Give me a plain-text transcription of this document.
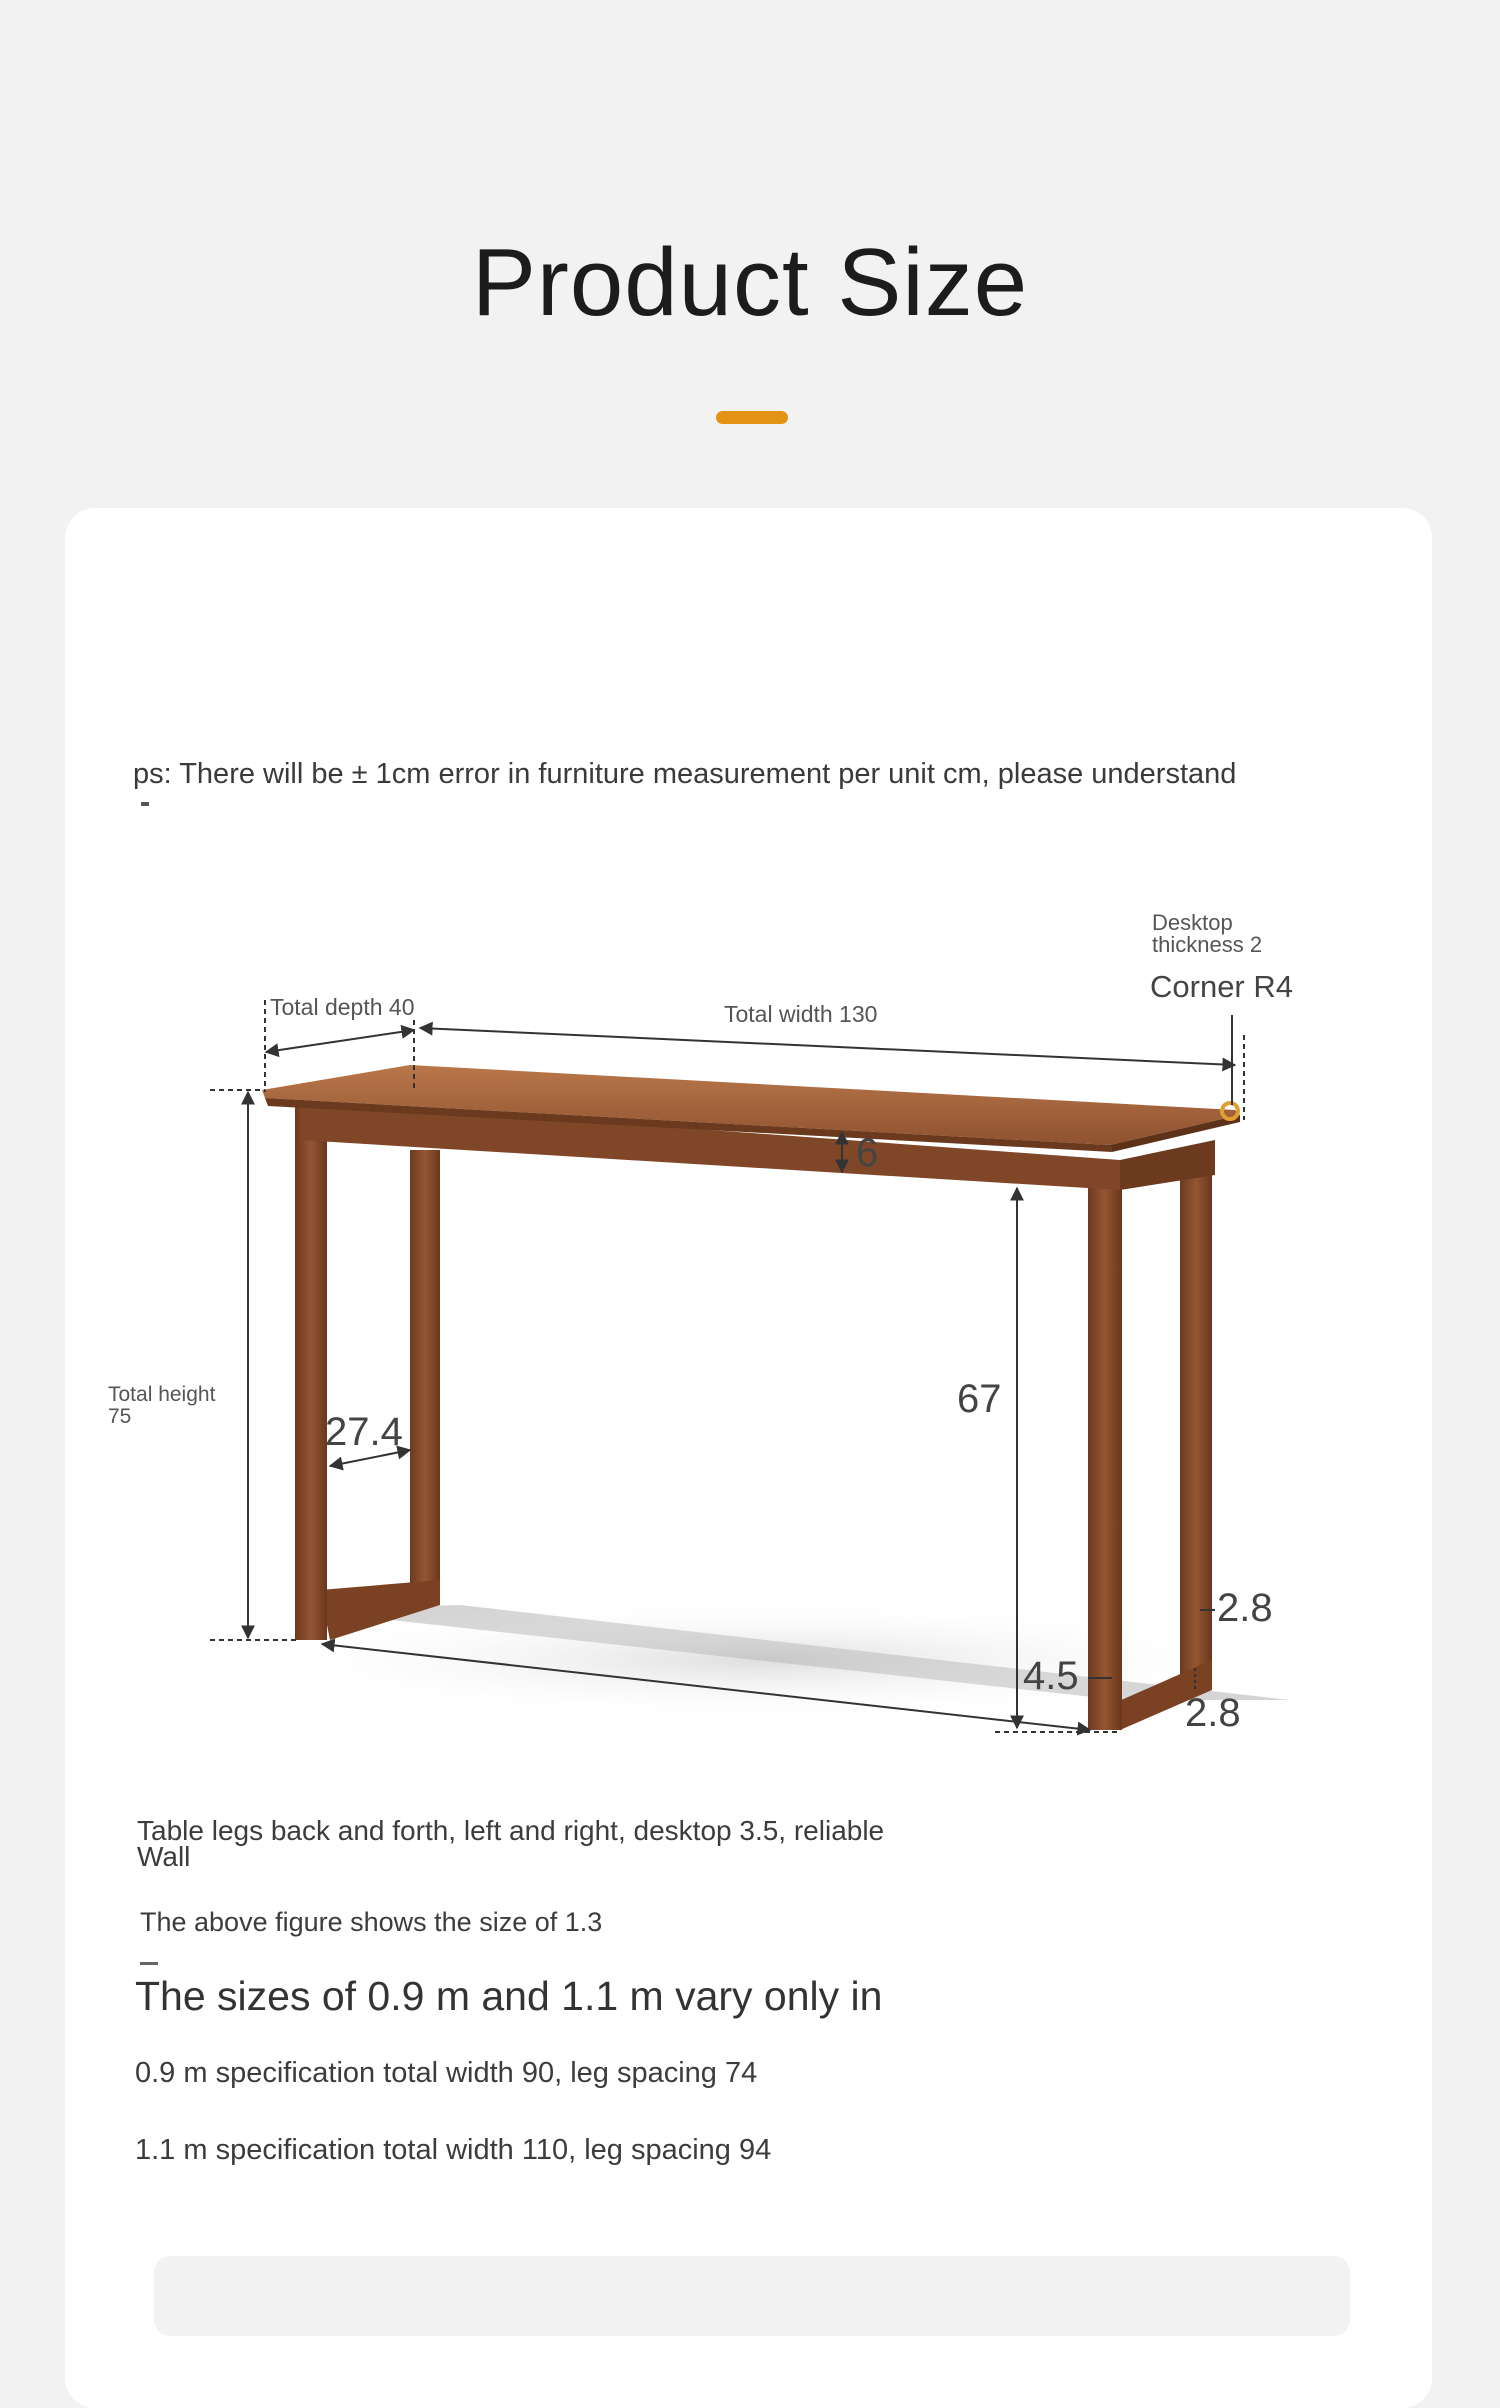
Product Size
ps: There will be ± 1cm error in furniture measurement per unit cm, please understand
Desktop
thickness 2
Corner R4
Total depth 40	Total width 130
Total height
75
6
27.4
67
4.5
2.8
2.8
Table legs back and forth, left and right, desktop 3.5, reliable
Wall
The above figure shows the size of 1.3
The sizes of 0.9 m and 1.1 m vary only in
0.9 m specification total width 90, leg spacing 74
1.1 m specification total width 110, leg spacing 94
